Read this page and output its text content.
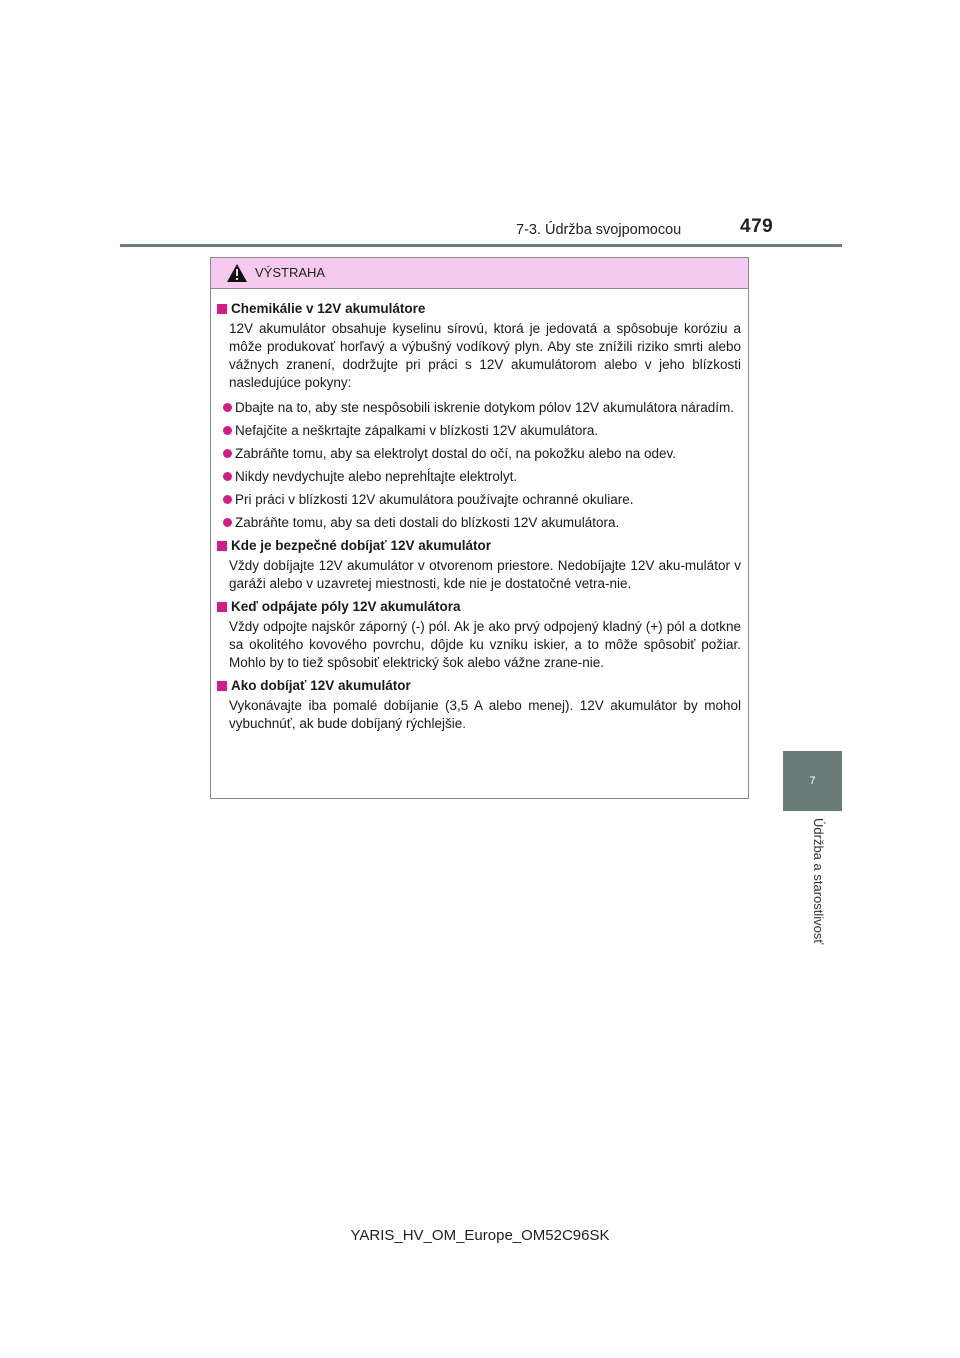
7-3. Údržba svojpomocou	479
7
Údržba a starostlivosť
VÝSTRAHA
Chemikálie v 12V akumulátore
12V akumulátor obsahuje kyselinu sírovú, ktorá je jedovatá a spôsobuje koróziu a môže produkovať horľavý a výbušný vodíkový plyn. Aby ste znížili riziko smrti alebo vážnych zranení, dodržujte pri práci s 12V akumulátorom alebo v jeho blízkosti nasledujúce pokyny:
Dbajte na to, aby ste nespôsobili iskrenie dotykom pólov 12V akumulátora náradím.
Nefajčite a neškrtajte zápalkami v blízkosti 12V akumulátora.
Zabráňte tomu, aby sa elektrolyt dostal do očí, na pokožku alebo na odev.
Nikdy nevdychujte alebo neprehĺtajte elektrolyt.
Pri práci v blízkosti 12V akumulátora používajte ochranné okuliare.
Zabráňte tomu, aby sa deti dostali do blízkosti 12V akumulátora.
Kde je bezpečné dobíjať 12V akumulátor
Vždy dobíjajte 12V akumulátor v otvorenom priestore. Nedobíjajte 12V aku-mulátor v garáži alebo v uzavretej miestnosti, kde nie je dostatočné vetra-nie.
Keď odpájate póly 12V akumulátora
Vždy odpojte najskôr záporný (-) pól. Ak je ako prvý odpojený kladný (+) pól a dotkne sa okolitého kovového povrchu, dôjde ku vzniku iskier, a to môže spôsobiť požiar. Mohlo by to tiež spôsobiť elektrický šok alebo vážne zrane-nie.
Ako dobíjať 12V akumulátor
Vykonávajte iba pomalé dobíjanie (3,5 A alebo menej). 12V akumulátor by mohol vybuchnúť, ak bude dobíjaný rýchlejšie.
YARIS_HV_OM_Europe_OM52C96SK
